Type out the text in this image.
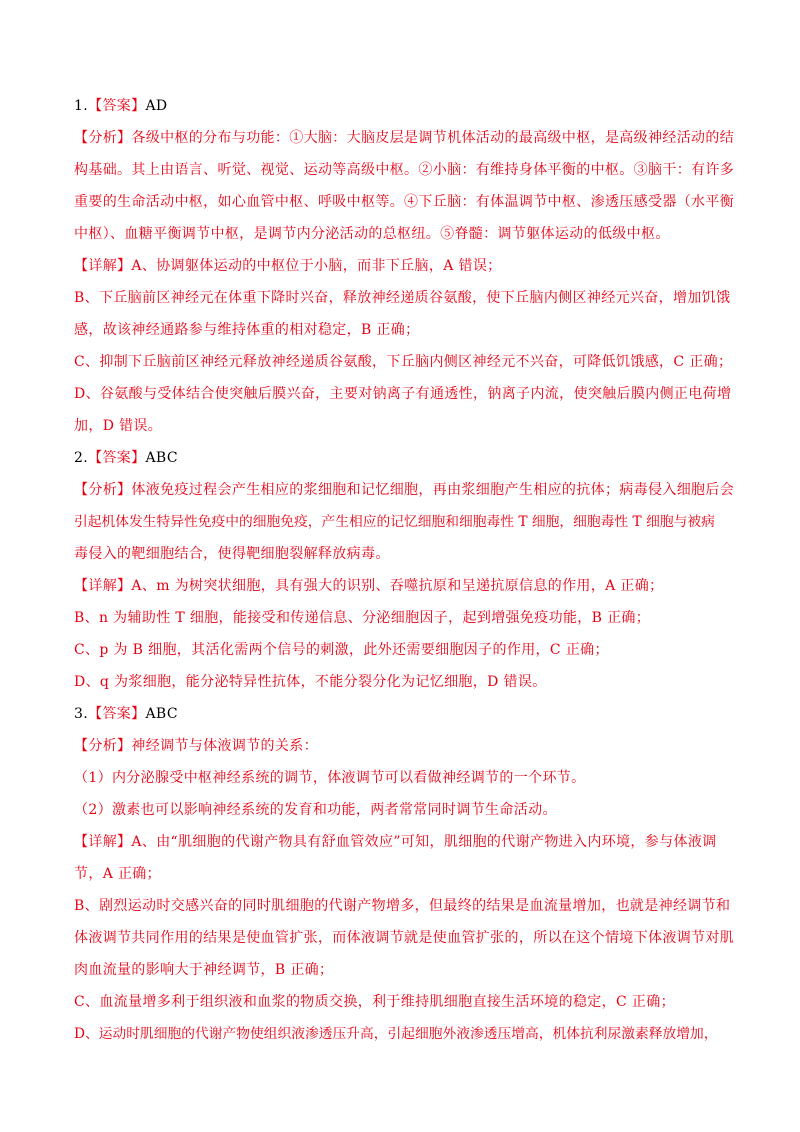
1.【答案】AD
【分析】各级中枢的分布与功能：①大脑：大脑皮层是调节机体活动的最高级中枢，是高级神经活动的结
构基础。其上由语言、听觉、视觉、运动等高级中枢。②小脑：有维持身体平衡的中枢。③脑干：有许多
重要的生命活动中枢，如心血管中枢、呼吸中枢等。④下丘脑：有体温调节中枢、渗透压感受器（水平衡
中枢）、血糖平衡调节中枢，是调节内分泌活动的总枢纽。⑤脊髓：调节躯体运动的低级中枢。
【详解】A、协调躯体运动的中枢位于小脑，而非下丘脑，A 错误；
B、下丘脑前区神经元在体重下降时兴奋，释放神经递质谷氨酸，使下丘脑内侧区神经元兴奋，增加饥饿
感，故该神经通路参与维持体重的相对稳定，B 正确；
C、抑制下丘脑前区神经元释放神经递质谷氨酸，下丘脑内侧区神经元不兴奋，可降低饥饿感，C 正确；
D、谷氨酸与受体结合使突触后膜兴奋，主要对钠离子有通透性，钠离子内流，使突触后膜内侧正电荷增
加，D 错误。
2.【答案】ABC
【分析】体液免疫过程会产生相应的浆细胞和记忆细胞，再由浆细胞产生相应的抗体；病毒侵入细胞后会
引起机体发生特异性免疫中的细胞免疫，产生相应的记忆细胞和细胞毒性 T 细胞，细胞毒性 T 细胞与被病
毒侵入的靶细胞结合，使得靶细胞裂解释放病毒。
【详解】A、m 为树突状细胞，具有强大的识别、吞噬抗原和呈递抗原信息的作用，A 正确；
B、n 为辅助性 T 细胞，能接受和传递信息、分泌细胞因子，起到增强免疫功能，B 正确；
C、p 为 B 细胞，其活化需两个信号的刺激，此外还需要细胞因子的作用，C 正确；
D、q 为浆细胞，能分泌特异性抗体，不能分裂分化为记忆细胞，D 错误。
3.【答案】ABC
【分析】神经调节与体液调节的关系：
（1）内分泌腺受中枢神经系统的调节，体液调节可以看做神经调节的一个环节。
（2）激素也可以影响神经系统的发育和功能，两者常常同时调节生命活动。
【详解】A、由“肌细胞的代谢产物具有舒血管效应”可知，肌细胞的代谢产物进入内环境，参与体液调
节，A 正确；
B、剧烈运动时交感兴奋的同时肌细胞的代谢产物增多，但最终的结果是血流量增加，也就是神经调节和
体液调节共同作用的结果是使血管扩张，而体液调节就是使血管扩张的，所以在这个情境下体液调节对肌
肉血流量的影响大于神经调节，B 正确；
C、血流量增多利于组织液和血浆的物质交换，利于维持肌细胞直接生活环境的稳定，C 正确；
D、运动时肌细胞的代谢产物使组织液渗透压升高，引起细胞外液渗透压增高，机体抗利尿激素释放增加，
